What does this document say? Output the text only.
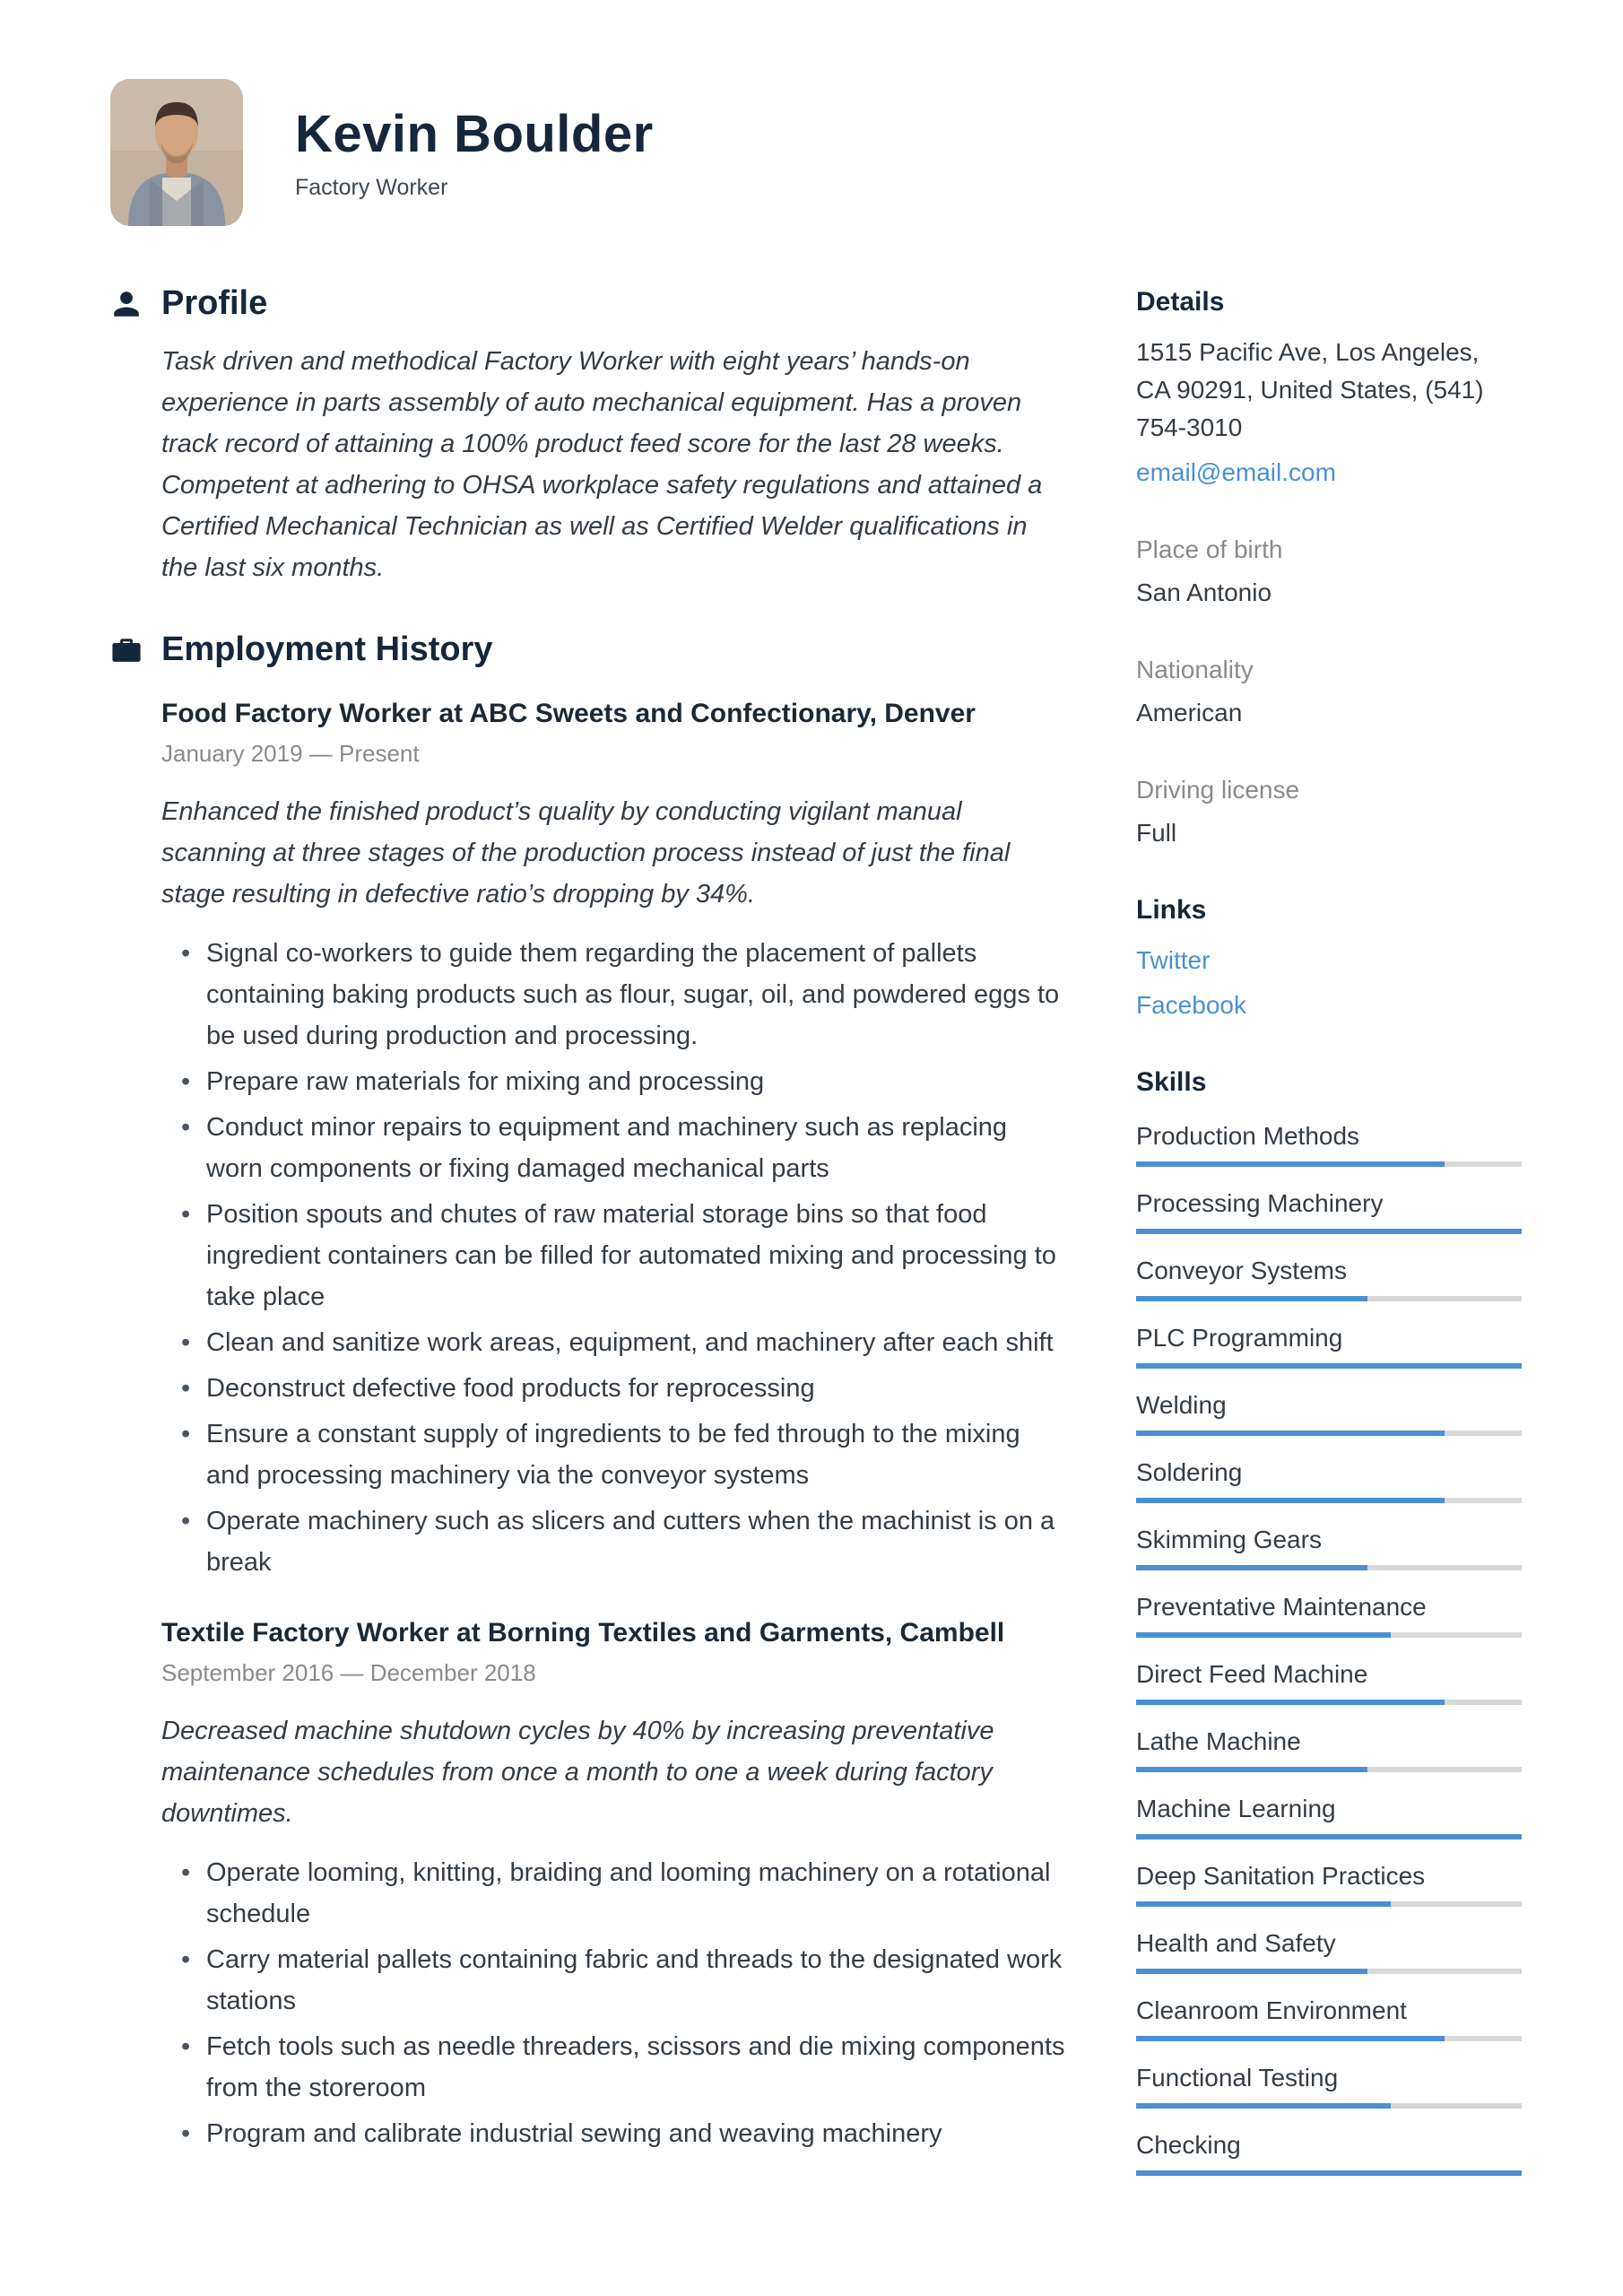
Kevin Boulder
Factory Worker
Profile

Task driven and methodical Factory Worker with eight years’ hands-on experience in parts assembly of auto mechanical equipment. Has a proven track record of attaining a 100% product feed score for the last 28 weeks. Competent at adhering to OHSA workplace safety regulations and attained a Certified Mechanical Technician as well as Certified Welder qualifications in the last six months.

Employment History
Food Factory Worker at ABC Sweets and Confectionary, Denver
January 2019 — Present

Enhanced the finished product’s quality by conducting vigilant manual scanning at three stages of the production process instead of just the final stage resulting in defective ratio’s dropping by 34%.

• Signal co-workers to guide them regarding the placement of pallets containing baking products such as flour, sugar, oil, and powdered eggs to be used during production and processing.
• Prepare raw materials for mixing and processing
• Conduct minor repairs to equipment and machinery such as replacing worn components or fixing damaged mechanical parts
• Position spouts and chutes of raw material storage bins so that food ingredient containers can be filled for automated mixing and processing to take place
• Clean and sanitize work areas, equipment, and machinery after each shift
• Deconstruct defective food products for reprocessing
• Ensure a constant supply of ingredients to be fed through to the mixing and processing machinery via the conveyor systems
• Operate machinery such as slicers and cutters when the machinist is on a break
Textile Factory Worker at Borning Textiles and Garments, Cambell
September 2016 — December 2018

Decreased machine shutdown cycles by 40% by increasing preventative maintenance schedules from once a month to one a week during factory downtimes.

• Operate looming, knitting, braiding and looming machinery on a rotational schedule
• Carry material pallets containing fabric and threads to the designated work stations
• Fetch tools such as needle threaders, scissors and die mixing components from the storeroom
• Program and calibrate industrial sewing and weaving machinery
Details
1515 Pacific Ave, Los Angeles,
CA 90291, United States, (541)
754-3010
email@email.com
Place of birth
San Antonio
Nationality
American
Driving license
Full
Links
Twitter
Facebook
Skills
Production Methods
Processing Machinery
Conveyor Systems
PLC Programming
Welding
Soldering
Skimming Gears
Preventative Maintenance
Direct Feed Machine
Lathe Machine
Machine Learning
Deep Sanitation Practices
Health and Safety
Cleanroom Environment
Functional Testing
Checking
